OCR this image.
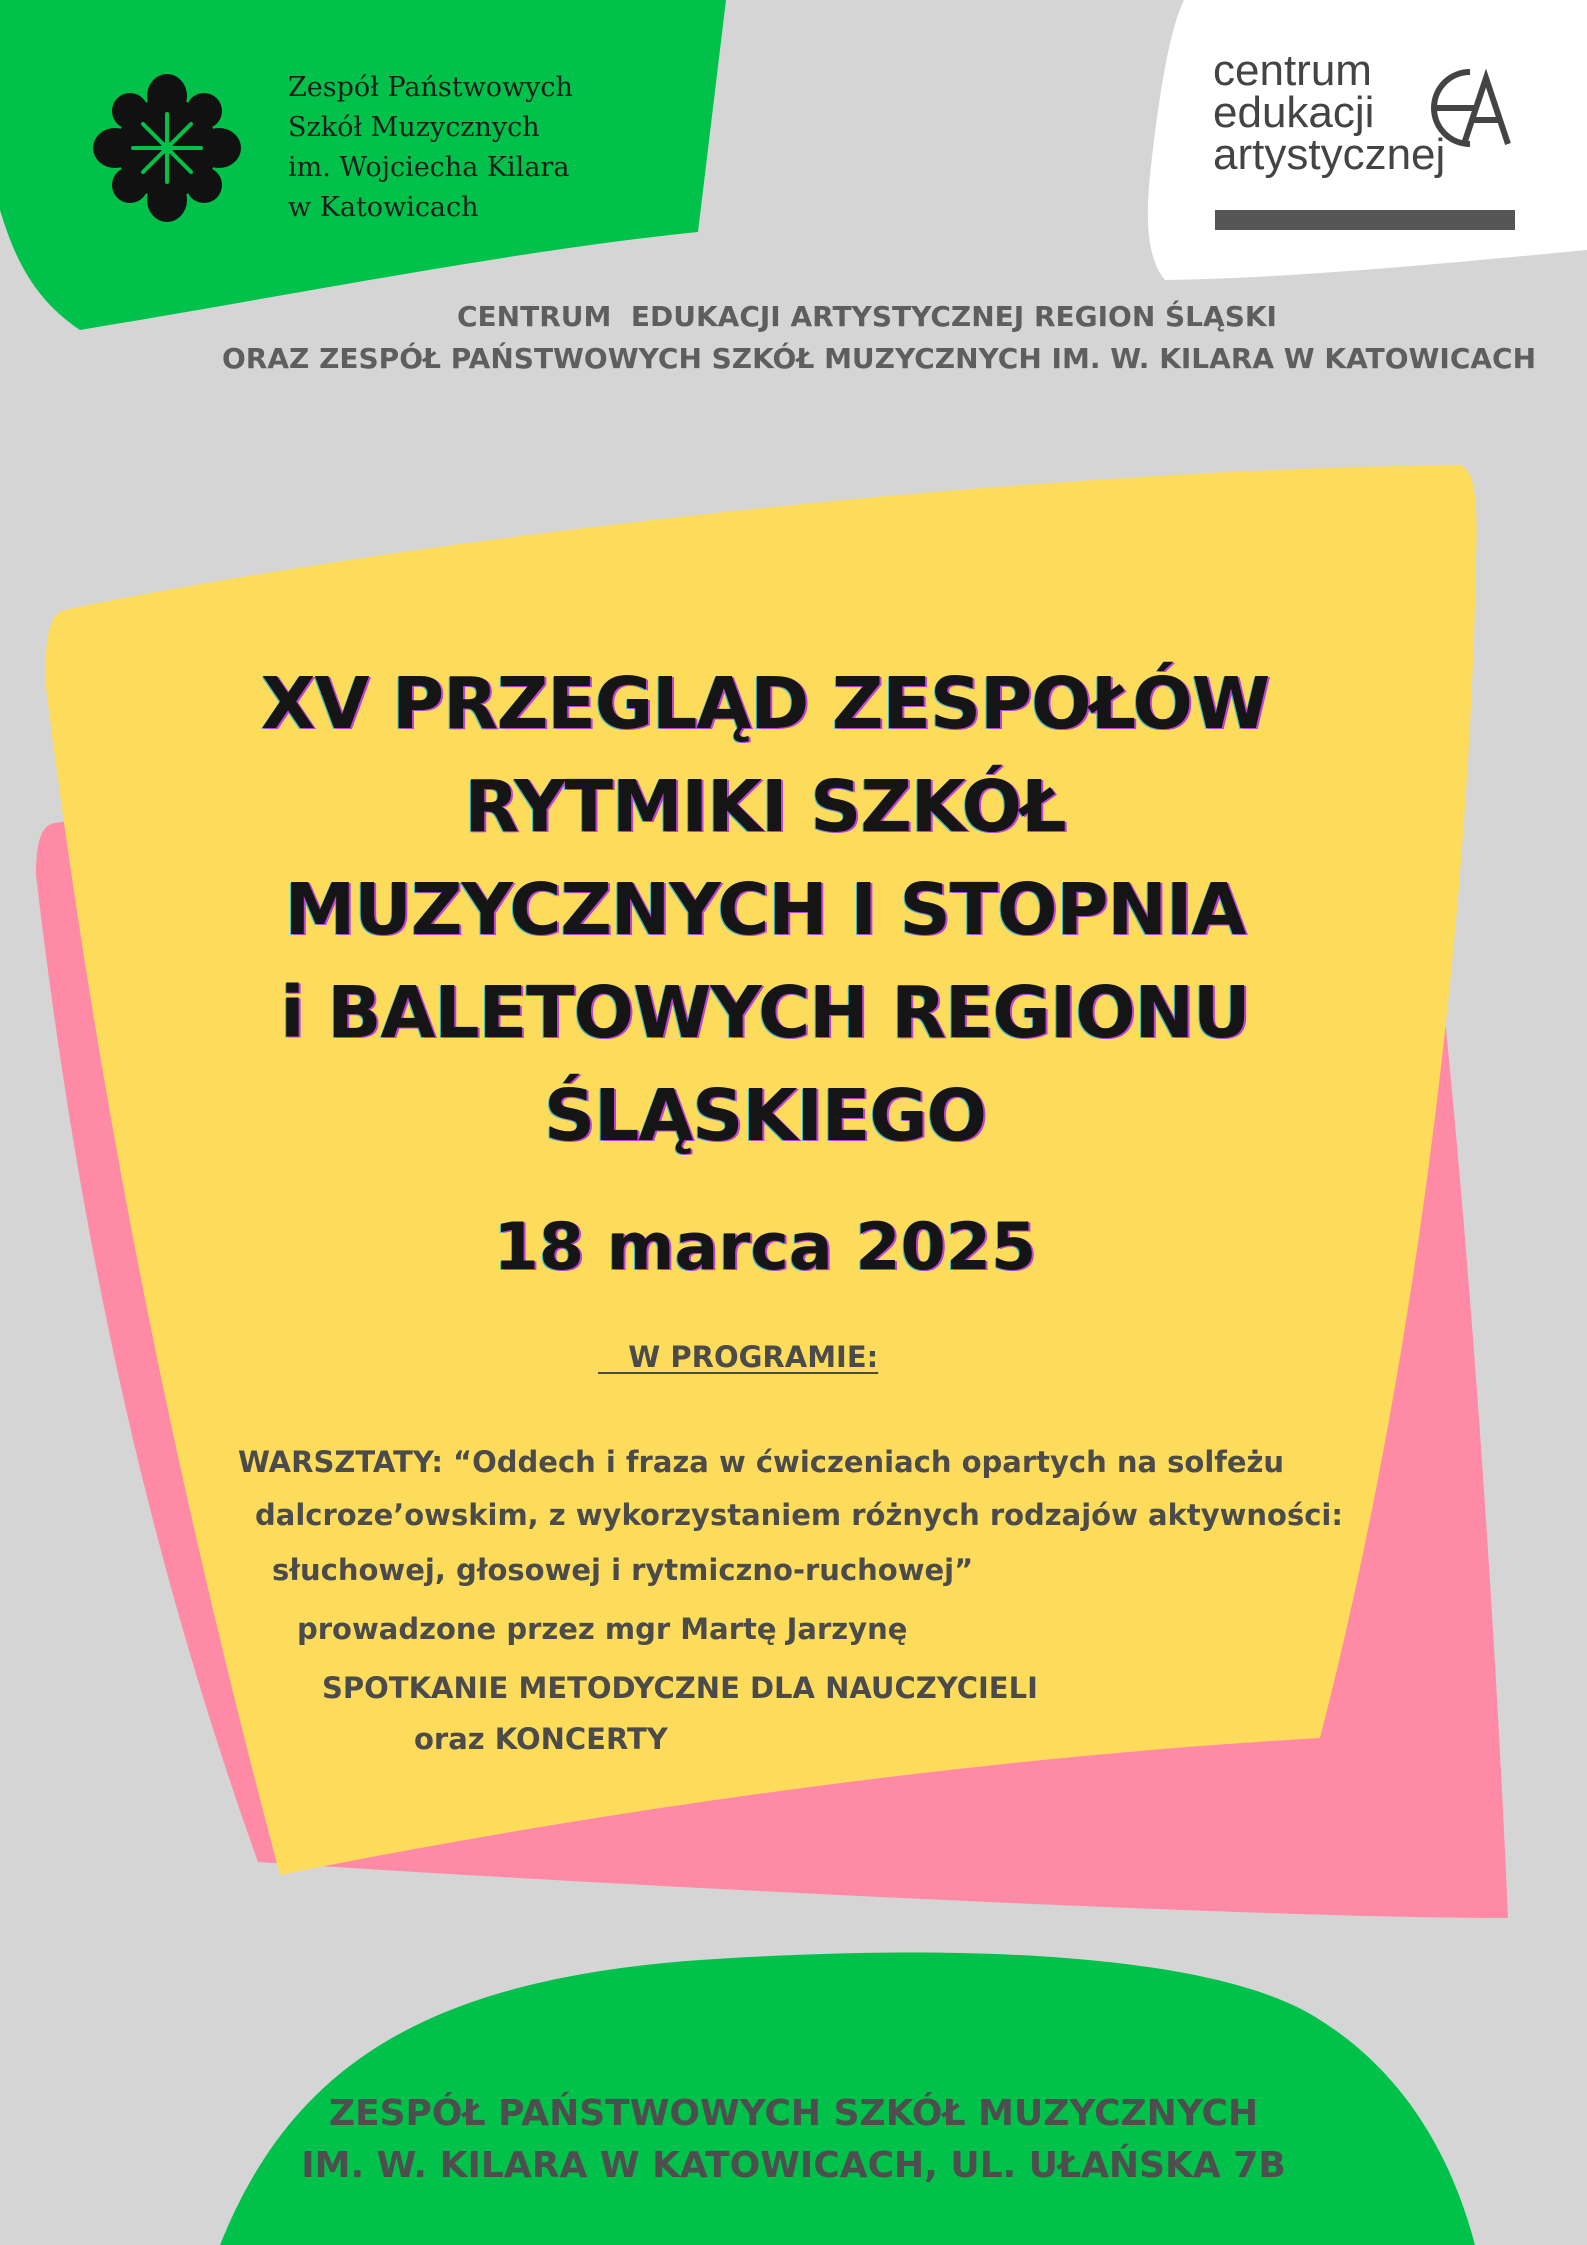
Zespół Państwowych
Szkół Muzycznych
im. Wojciecha Kilara
w Katowicach
centrum
edukacji
artystycznej
CENTRUM  EDUKACJI ARTYSTYCZNEJ REGION ŚLĄSKI
ORAZ ZESPÓŁ PAŃSTWOWYCH SZKÓŁ MUZYCZNYCH IM. W. KILARA W KATOWICACH
XV PRZEGLĄD ZESPOŁÓW
RYTMIKI SZKÓŁ
MUZYCZNYCH I STOPNIA
i BALETOWYCH REGIONU
ŚLĄSKIEGO
18 marca 2025
W PROGRAMIE:
WARSZTATY: “Oddech i fraza w ćwiczeniach opartych na solfeżu
dalcroze’owskim, z wykorzystaniem różnych rodzajów aktywności:
słuchowej, głosowej i rytmiczno-ruchowej”
prowadzone przez mgr Martę Jarzynę
SPOTKANIE METODYCZNE DLA NAUCZYCIELI
oraz KONCERTY
ZESPÓŁ PAŃSTWOWYCH SZKÓŁ MUZYCZNYCH
IM. W. KILARA W KATOWICACH, UL. UŁAŃSKA 7B
